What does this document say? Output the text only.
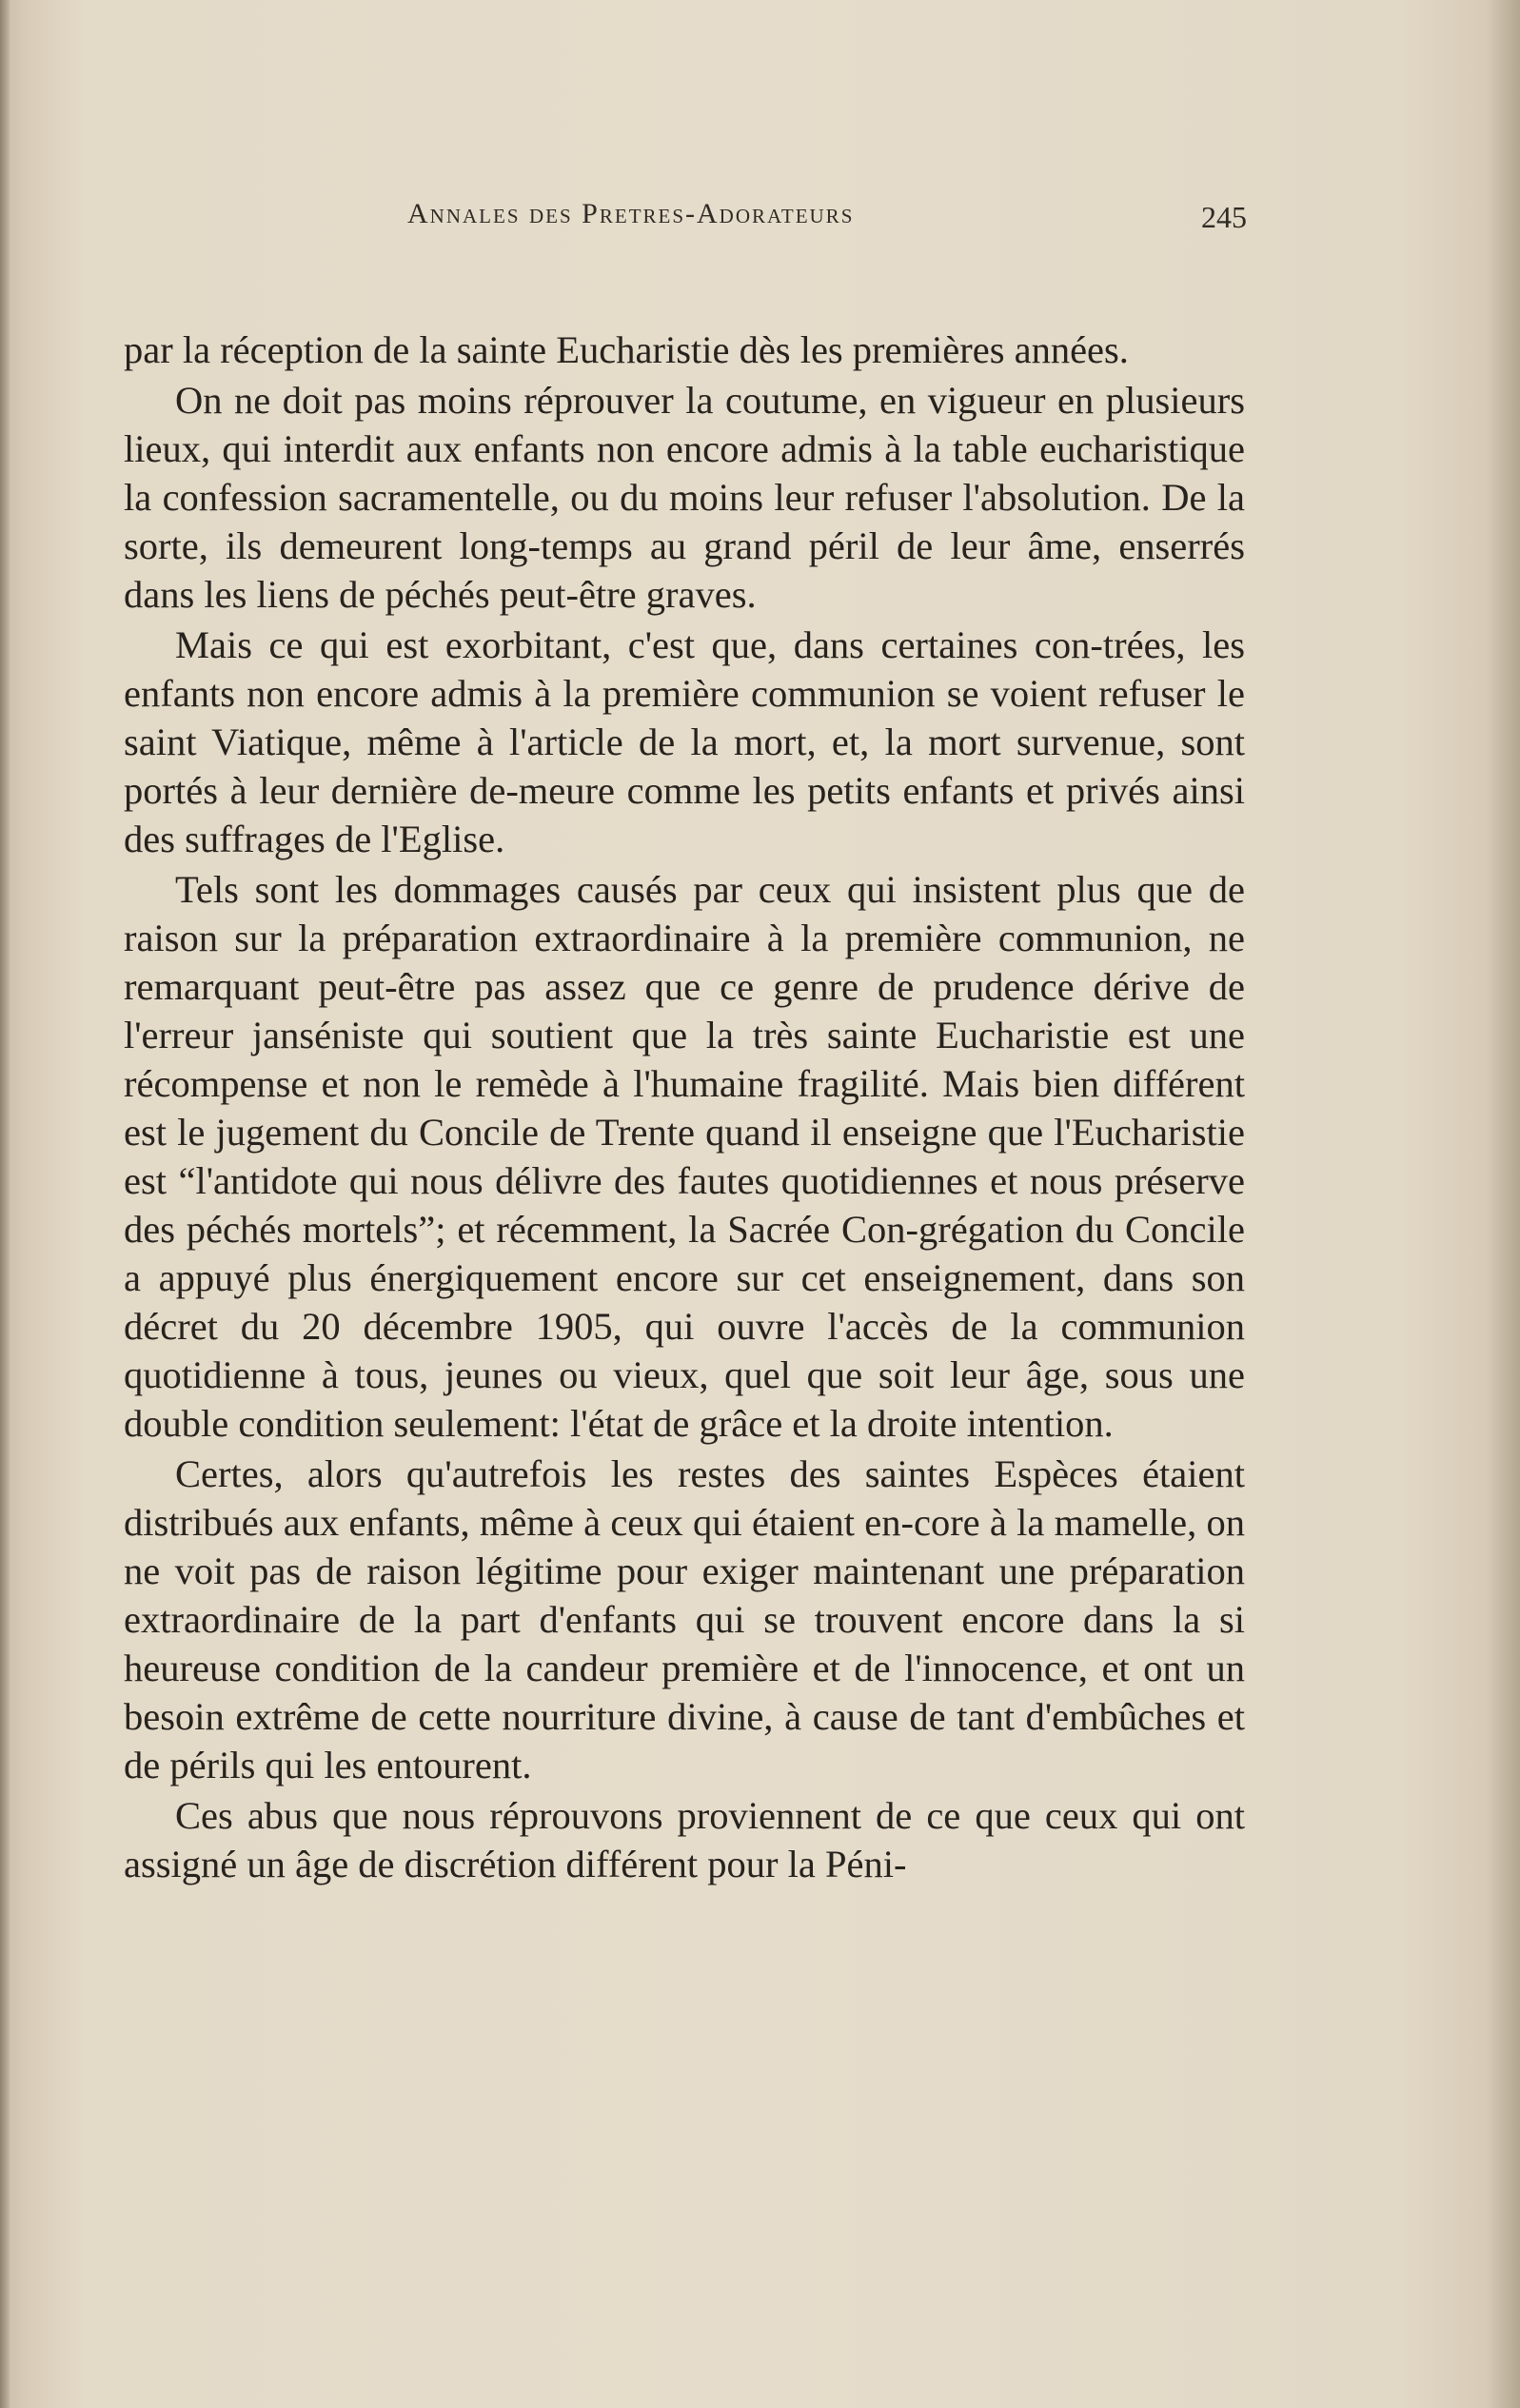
Annales des Pretres-Adorateurs	245

par la réception de la sainte Eucharistie dès les premières années.

On ne doit pas moins réprouver la coutume, en vigueur en plusieurs lieux, qui interdit aux enfants non encore admis à la table eucharistique la confession sacramentelle, ou du moins leur refuser l'absolution. De la sorte, ils demeurent long-temps au grand péril de leur âme, enserrés dans les liens de péchés peut-être graves.

Mais ce qui est exorbitant, c'est que, dans certaines con-trées, les enfants non encore admis à la première communion se voient refuser le saint Viatique, même à l'article de la mort, et, la mort survenue, sont portés à leur dernière de-meure comme les petits enfants et privés ainsi des suffrages de l'Eglise.

Tels sont les dommages causés par ceux qui insistent plus que de raison sur la préparation extraordinaire à la première communion, ne remarquant peut-être pas assez que ce genre de prudence dérive de l'erreur janséniste qui soutient que la très sainte Eucharistie est une récompense et non le remède à l'humaine fragilité. Mais bien différent est le jugement du Concile de Trente quand il enseigne que l'Eucharistie est “l'antidote qui nous délivre des fautes quotidiennes et nous préserve des péchés mortels”; et récemment, la Sacrée Con-grégation du Concile a appuyé plus énergiquement encore sur cet enseignement, dans son décret du 20 décembre 1905, qui ouvre l'accès de la communion quotidienne à tous, jeunes ou vieux, quel que soit leur âge, sous une double condition seulement: l'état de grâce et la droite intention.

Certes, alors qu'autrefois les restes des saintes Espèces étaient distribués aux enfants, même à ceux qui étaient en-core à la mamelle, on ne voit pas de raison légitime pour exiger maintenant une préparation extraordinaire de la part d'enfants qui se trouvent encore dans la si heureuse condition de la candeur première et de l'innocence, et ont un besoin extrême de cette nourriture divine, à cause de tant d'embûches et de périls qui les entourent.

Ces abus que nous réprouvons proviennent de ce que ceux qui ont assigné un âge de discrétion différent pour la Péni-
